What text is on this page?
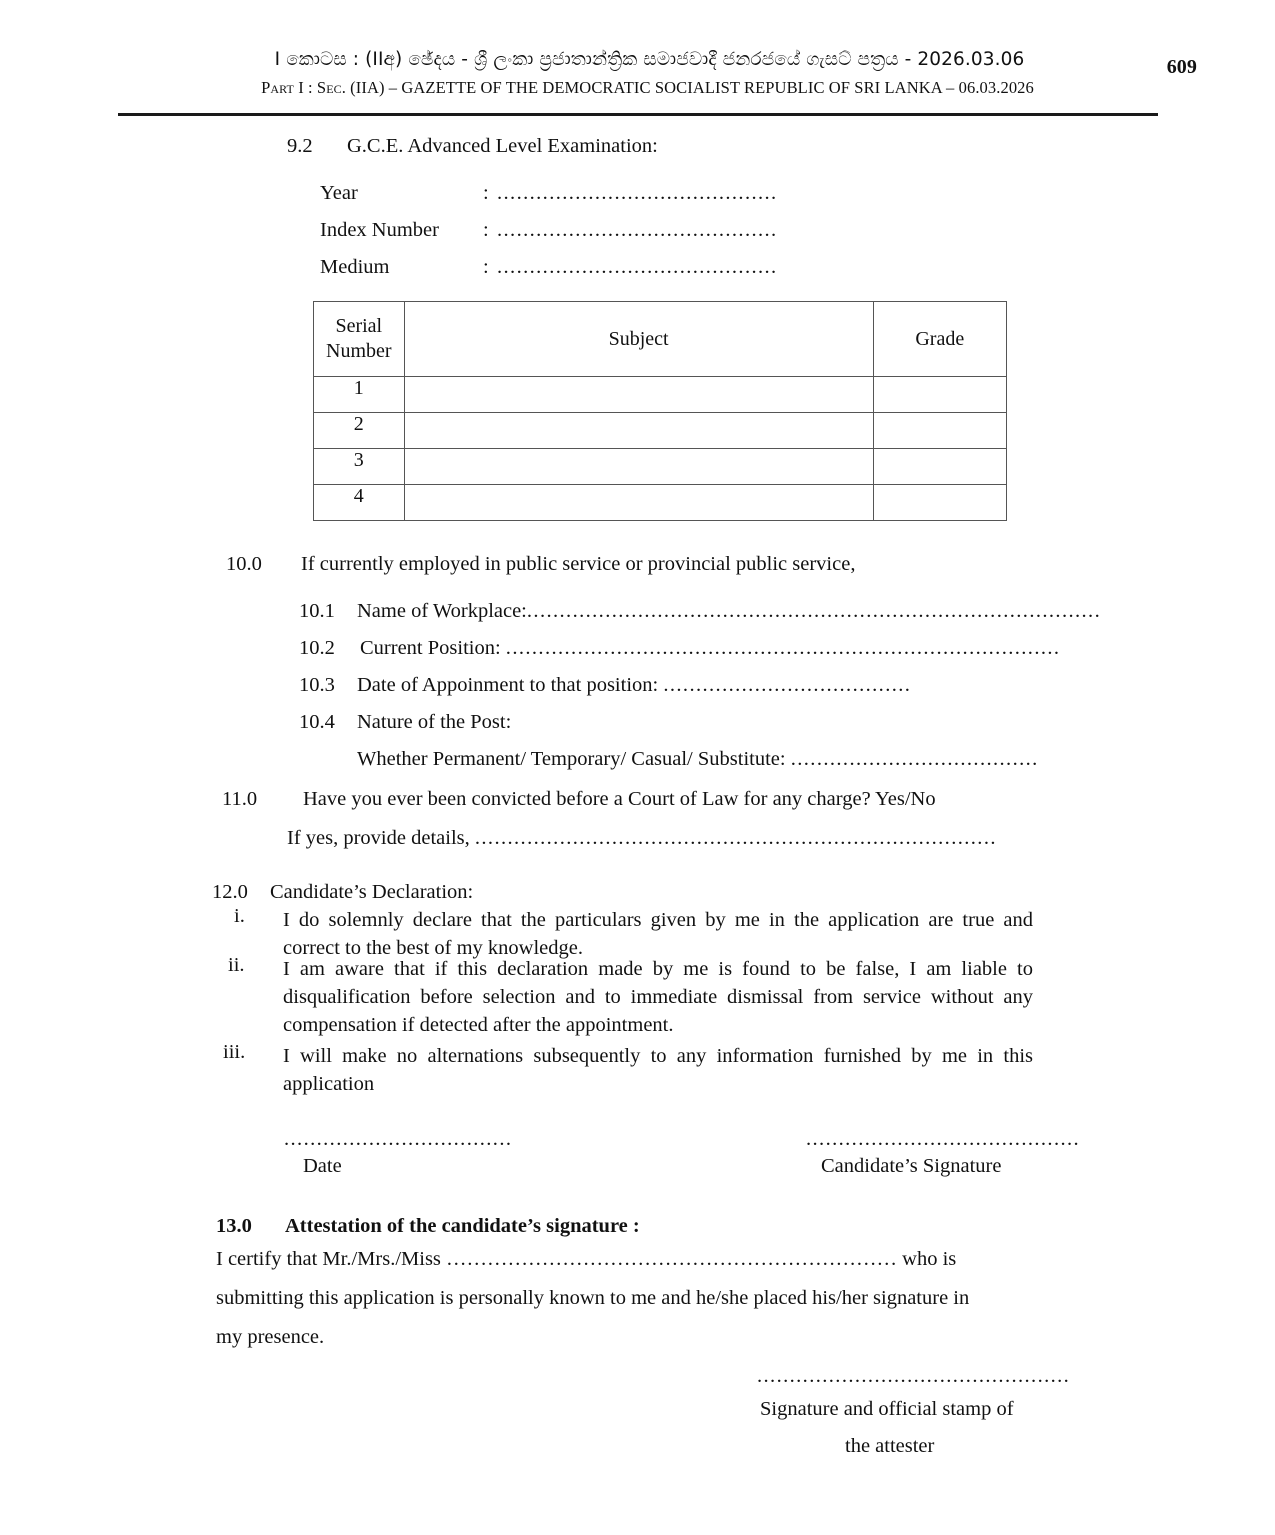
I කොටස : (IIඅ) ඡේදය - ශ්‍රී ලංකා ප්‍රජාතාන්ත්‍රික සමාජවාදී ජනරජයේ ගැසට් පත්‍රය - 2026.03.06	609
Part I : Sec. (IIA) – GAZETTE OF THE DEMOCRATIC SOCIALIST REPUBLIC OF SRI LANKA – 06.03.2026
9.2 G.C.E. Advanced Level Examination:
Year	: ...........................................
Index Number : ...........................................
Medium	: ...........................................
Serial
Number	Subject	Grade
1		
2		
3		
4		
10.0 If currently employed in public service or provincial public service,
10.1 Name of Workplace:........................................................................................
10.2 Current Position: .....................................................................................
10.3 Date of Appoinment to that position: ......................................
10.4 Nature of the Post:
Whether Permanent/ Temporary/ Casual/ Substitute: ......................................
11.0 Have you ever been convicted before a Court of Law for any charge? Yes/No
If yes, provide details, ................................................................................
12.0 Candidate’s Declaration:
i. I do solemnly declare that the particulars given by me in the application are true and correct to the best of my knowledge.
ii. I am aware that if this declaration made by me is found to be false, I am liable to disqualification before selection and to immediate dismissal from service without any compensation if detected after the appointment.
iii. I will make no alternations subsequently to any information furnished by me in this application
...................................
Date
..........................................
Candidate’s Signature
13.0 Attestation of the candidate’s signature :
I certify that Mr./Mrs./Miss ………………………………………………………… who is
submitting this application is personally known to me and he/she placed his/her signature in
my presence.
................................................
Signature and official stamp of
the attester
